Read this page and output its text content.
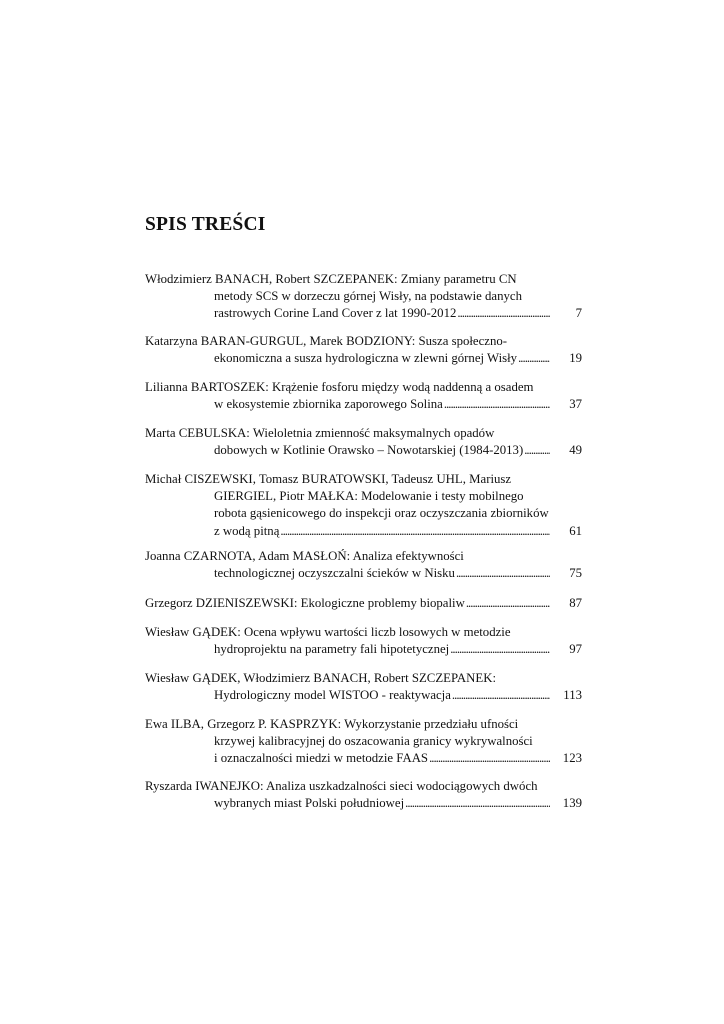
SPIS TREŚCI
Włodzimierz BANACH, Robert SZCZEPANEK: Zmiany parametru CN
metody SCS w dorzeczu górnej Wisły, na podstawie danych
rastrowych Corine Land Cover z lat 1990-2012 . . .	7
Katarzyna BARAN-GURGUL, Marek BODZIONY: Susza społeczno-
ekonomiczna a susza hydrologiczna w zlewni górnej Wisły . . .	19
Lilianna BARTOSZEK: Krążenie fosforu między wodą naddenną a osadem
w ekosystemie zbiornika zaporowego Solina . . .	37
Marta CEBULSKA: Wieloletnia zmienność maksymalnych opadów
dobowych w Kotlinie Orawsko – Nowotarskiej (1984-2013) . . .	49
Michał CISZEWSKI, Tomasz BURATOWSKI, Tadeusz UHL, Mariusz
GIERGIEL, Piotr MAŁKA: Modelowanie i testy mobilnego
robota gąsienicowego do inspekcji oraz oczyszczania zbiorników
z wodą pitną . . .	61
Joanna CZARNOTA, Adam MASŁOŃ: Analiza efektywności
technologicznej oczyszczalni ścieków w Nisku . . .	75
Grzegorz DZIENISZEWSKI: Ekologiczne problemy biopaliw . . .	87
Wiesław GĄDEK: Ocena wpływu wartości liczb losowych w metodzie
hydroprojektu na parametry fali hipotetycznej . . .	97
Wiesław GĄDEK, Włodzimierz BANACH, Robert SZCZEPANEK:
Hydrologiczny model WISTOO - reaktywacja . . .	113
Ewa ILBA, Grzegorz P. KASPRZYK: Wykorzystanie przedziału ufności
krzywej kalibracyjnej do oszacowania granicy wykrywalności
i oznaczalności miedzi w metodzie FAAS . . .	123
Ryszarda IWANEJKO: Analiza uszkadzalności sieci wodociągowych dwóch
wybranych miast Polski południowej . . .	139
